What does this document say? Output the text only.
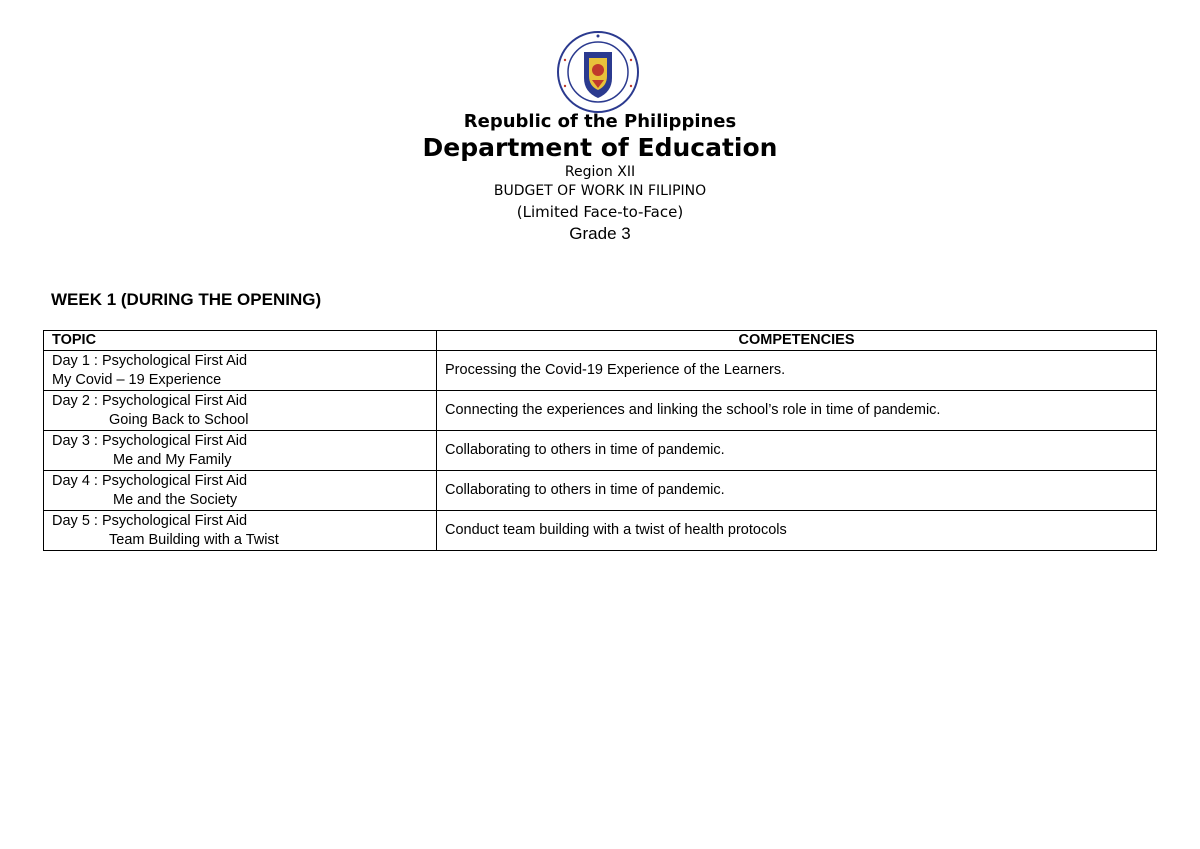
Republic of the Philippines
Department of Education
Region XII
BUDGET OF WORK IN FILIPINO
(Limited Face-to-Face)
Grade 3
WEEK 1 (DURING THE OPENING)
TOPIC	COMPETENCIES
Day 1 : Psychological First Aid
My Covid – 19 Experience	Processing the Covid-19 Experience of the Learners.
Day 2 : Psychological First Aid
Going Back to School	Connecting the experiences and linking the school’s role in time of pandemic.
Day 3 : Psychological First Aid
Me and My Family	Collaborating to others in time of pandemic.
Day 4 : Psychological First Aid
Me and the Society	Collaborating to others in time of pandemic.
Day 5 : Psychological First Aid
Team Building with a Twist	Conduct team building with a twist of health protocols
